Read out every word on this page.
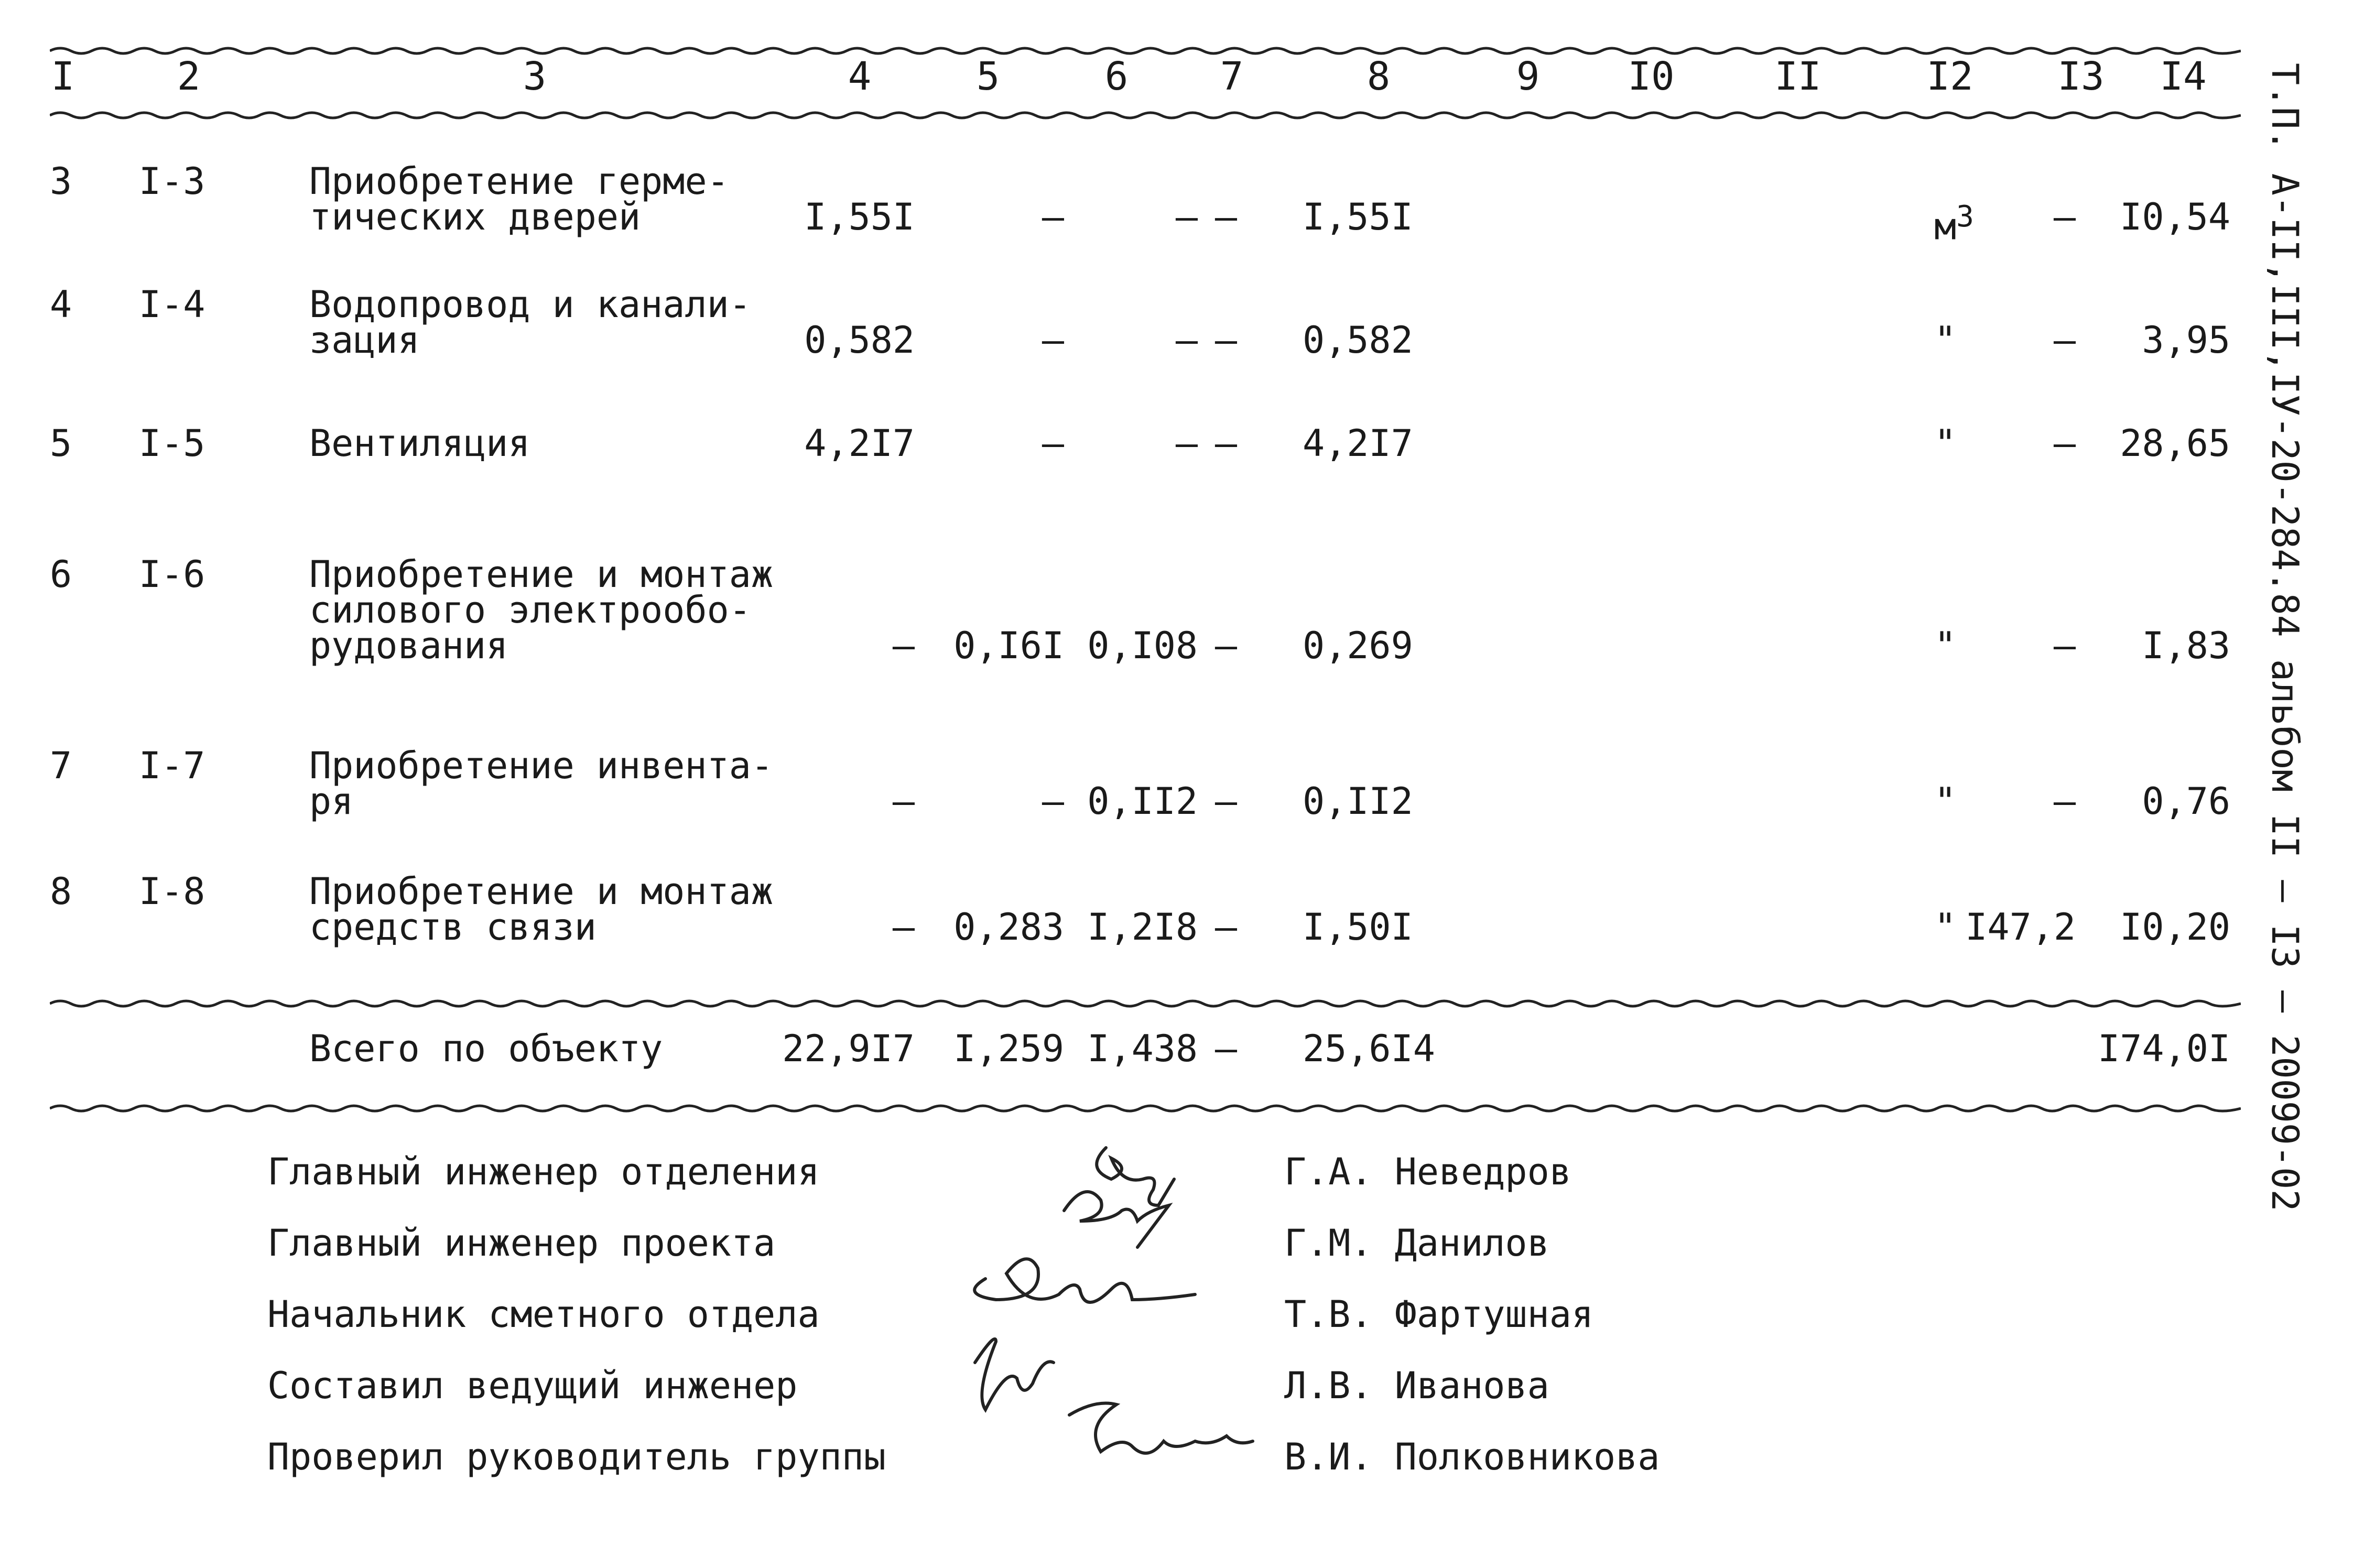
I	2	3	4	5	6 7	8	9 I0	II	I2 I3 I4
3 I-3	Приобретение герме-
тических дверей	I,55I	–	– – I,55I	– I0,54
$м^3$
4 I-4	Водопровод и канали-
зация	0,582	–	– – 0,582	– 3,95
"
5 I-5	Вентиляция	4,2I7	–	– – 4,2I7	– 28,65
"
6 I-6	Приобретение и монтаж
силового электрообо-
рудования	– 0,I6I 0,I08 – 0,269	– I,83
"
7 I-7	Приобретение инвента-
ря	–	– 0,II2 – 0,II2	– 0,76
"
8 I-8	Приобретение и монтаж
средств связи	– 0,283 I,2I8 – I,50I	I47,2 I0,20
"
Всего по объекту	22,9I7 I,259 I,438 – 25,6I4	I74,0I
Главный инженер отделения	Г.А. Неведров
Главный инженер проекта	Г.М. Данилов
Начальник сметного отдела	Т.В. Фартушная
Составил ведущий инженер	Л.В. Иванова
Проверил руководитель группы	В.И. Полковникова
Т.П. А-II,III,IУ-20-284.84 альбом II – I3 – 20099-02
